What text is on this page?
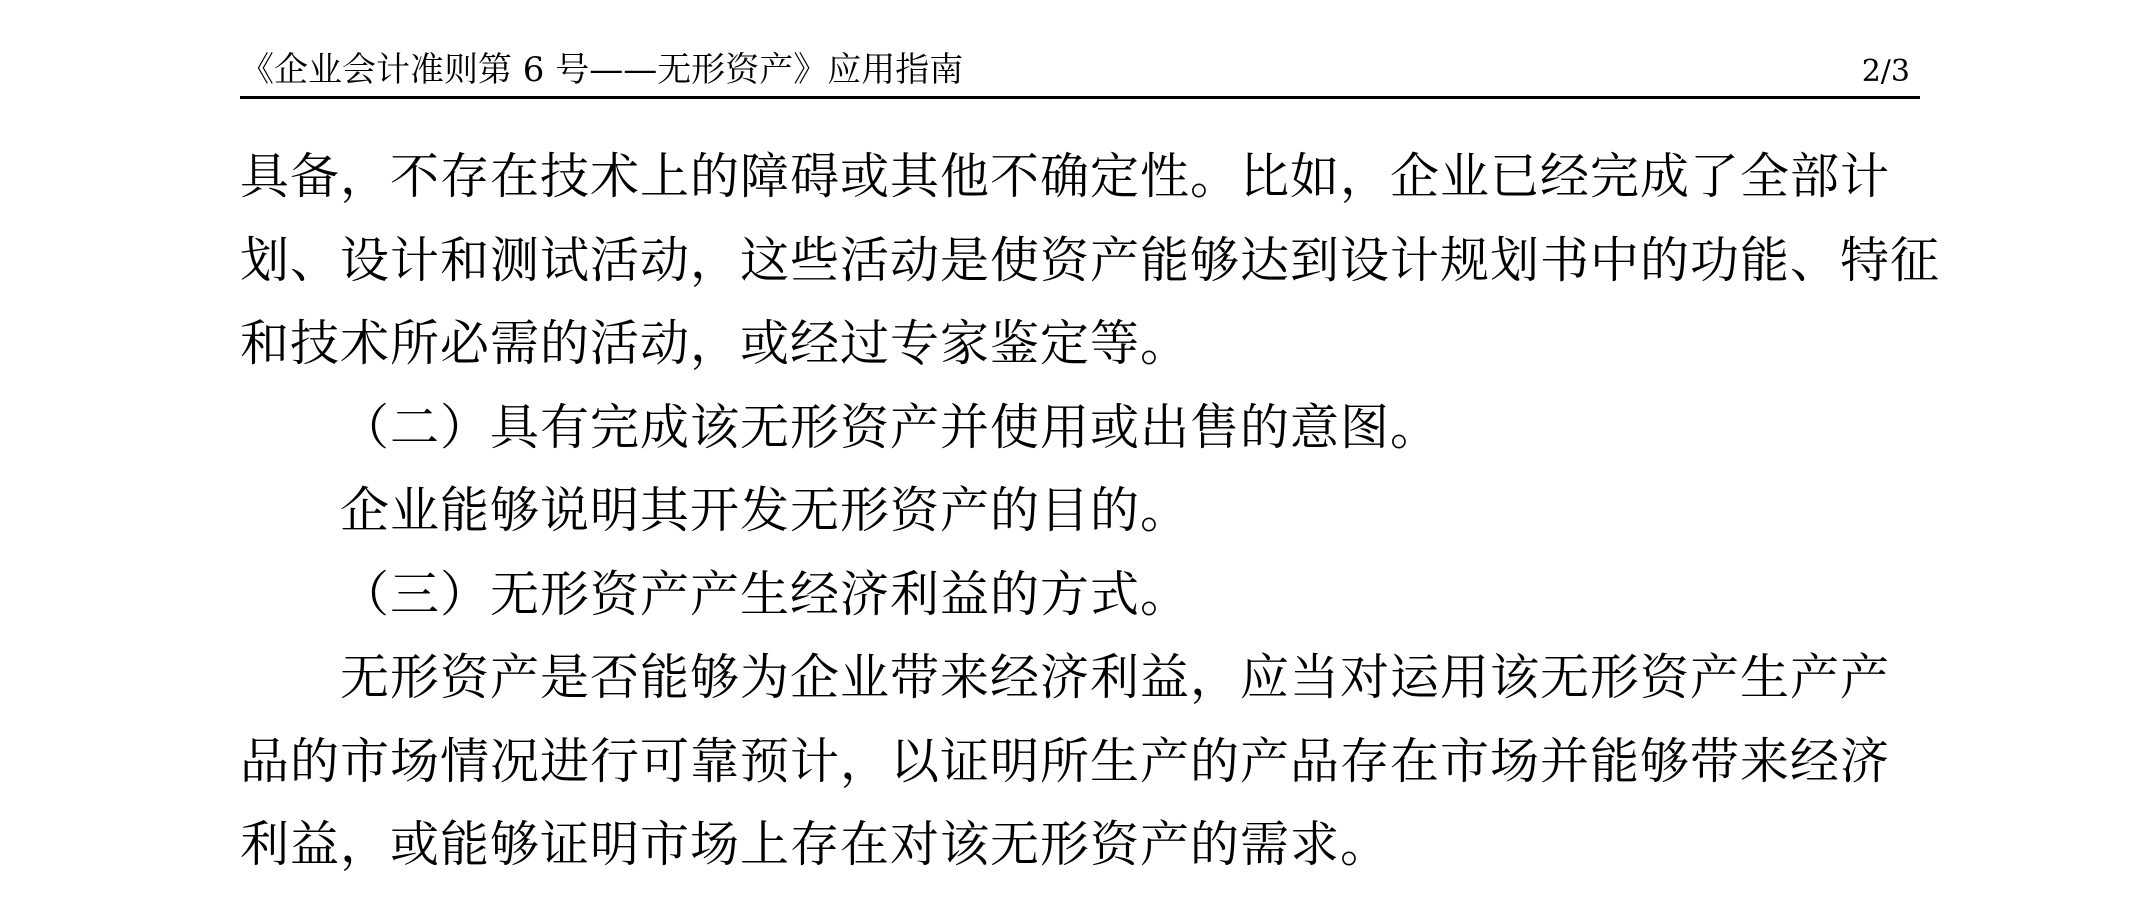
《企业会计准则第 6 号——无形资产》应用指南	2/3

具备，不存在技术上的障碍或其他不确定性。比如，企业已经完成了全部计

划、设计和测试活动，这些活动是使资产能够达到设计规划书中的功能、特征

和技术所必需的活动，或经过专家鉴定等。

（二）具有完成该无形资产并使用或出售的意图。

企业能够说明其开发无形资产的目的。

（三）无形资产产生经济利益的方式。

无形资产是否能够为企业带来经济利益，应当对运用该无形资产生产产

品的市场情况进行可靠预计，以证明所生产的产品存在市场并能够带来经济

利益，或能够证明市场上存在对该无形资产的需求。
